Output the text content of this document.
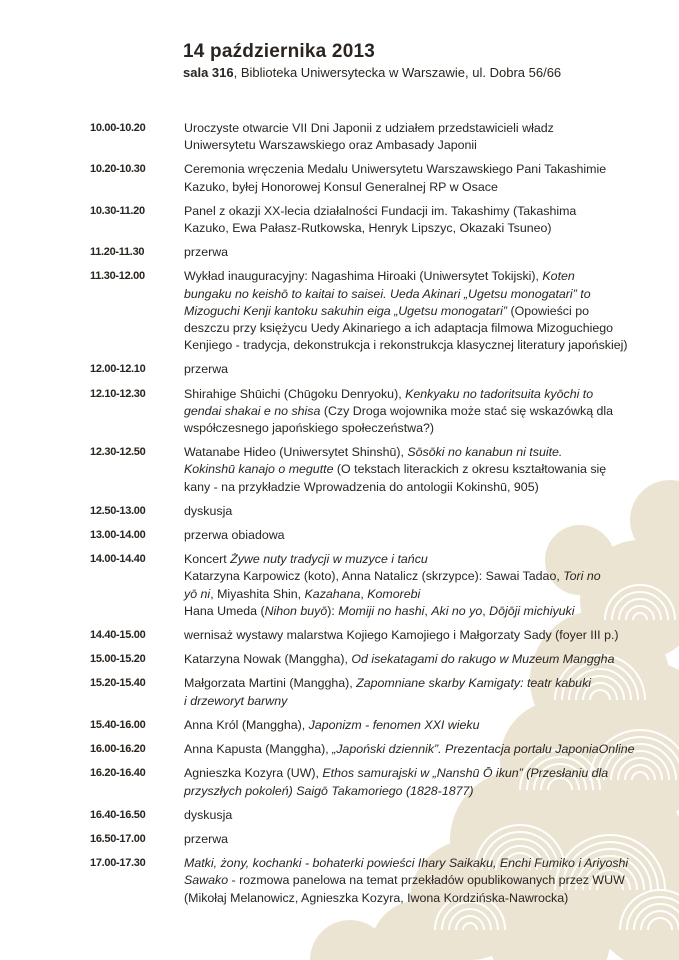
14 października 2013

sala 316, Biblioteka Uniwersytecka w Warszawie, ul. Dobra 56/66

10.00-10.20	Uroczyste otwarcie VII Dni Japonii z udziałem przedstawicieli władz
Uniwersytetu Warszawskiego oraz Ambasady Japonii
10.20-10.30	Ceremonia wręczenia Medalu Uniwersytetu Warszawskiego Pani Takashimie
Kazuko, byłej Honorowej Konsul Generalnej RP w Osace
10.30-11.20	Panel z okazji XX-lecia działalności Fundacji im. Takashimy (Takashima
Kazuko, Ewa Pałasz-Rutkowska, Henryk Lipszyc, Okazaki Tsuneo)
11.20-11.30	przerwa
11.30-12.00	Wykład inauguracyjny: Nagashima Hiroaki (Uniwersytet Tokijski), Koten
bungaku no keishō to kaitai to saisei. Ueda Akinari „Ugetsu monogatari” to
Mizoguchi Kenji kantoku sakuhin eiga „Ugetsu monogatari” (Opowieści po
deszczu przy księżycu Uedy Akinariego a ich adaptacja filmowa Mizoguchiego
Kenjiego - tradycja, dekonstrukcja i rekonstrukcja klasycznej literatury japońskiej)
12.00-12.10	przerwa
12.10-12.30	Shirahige Shūichi (Chūgoku Denryoku), Kenkyaku no tadoritsuita kyōchi to
gendai shakai e no shisa (Czy Droga wojownika może stać się wskazówką dla
współczesnego japońskiego społeczeństwa?)
12.30-12.50	Watanabe Hideo (Uniwersytet Shinshū), Sōsōki no kanabun ni tsuite.
Kokinshū kanajo o megutte (O tekstach literackich z okresu kształtowania się
kany - na przykładzie Wprowadzenia do antologii Kokinshū, 905)
12.50-13.00	dyskusja
13.00-14.00	przerwa obiadowa
14.00-14.40	Koncert Żywe nuty tradycji w muzyce i tańcu
Katarzyna Karpowicz (koto), Anna Natalicz (skrzypce): Sawai Tadao, Tori no
yō ni, Miyashita Shin, Kazahana, Komorebi
Hana Umeda (Nihon buyō): Momiji no hashi, Aki no yo, Dōjōji michiyuki
14.40-15.00	wernisaż wystawy malarstwa Kojiego Kamojiego i Małgorzaty Sady (foyer III p.)
15.00-15.20	Katarzyna Nowak (Manggha), Od isekatagami do rakugo w Muzeum Manggha
15.20-15.40	Małgorzata Martini (Manggha), Zapomniane skarby Kamigaty: teatr kabuki
i drzeworyt barwny
15.40-16.00	Anna Król (Manggha), Japonizm - fenomen XXI wieku
16.00-16.20	Anna Kapusta (Manggha), „Japoński dziennik”. Prezentacja portalu JaponiaOnline
16.20-16.40	Agnieszka Kozyra (UW), Ethos samurajski w „Nanshū Ō ikun” (Przesłaniu dla
przyszłych pokoleń) Saigō Takamoriego (1828-1877)
16.40-16.50	dyskusja
16.50-17.00	przerwa
17.00-17.30	Matki, żony, kochanki - bohaterki powieści Ihary Saikaku, Enchi Fumiko i Ariyoshi
Sawako - rozmowa panelowa na temat przekładów opublikowanych przez WUW
(Mikołaj Melanowicz, Agnieszka Kozyra, Iwona Kordzińska-Nawrocka)
